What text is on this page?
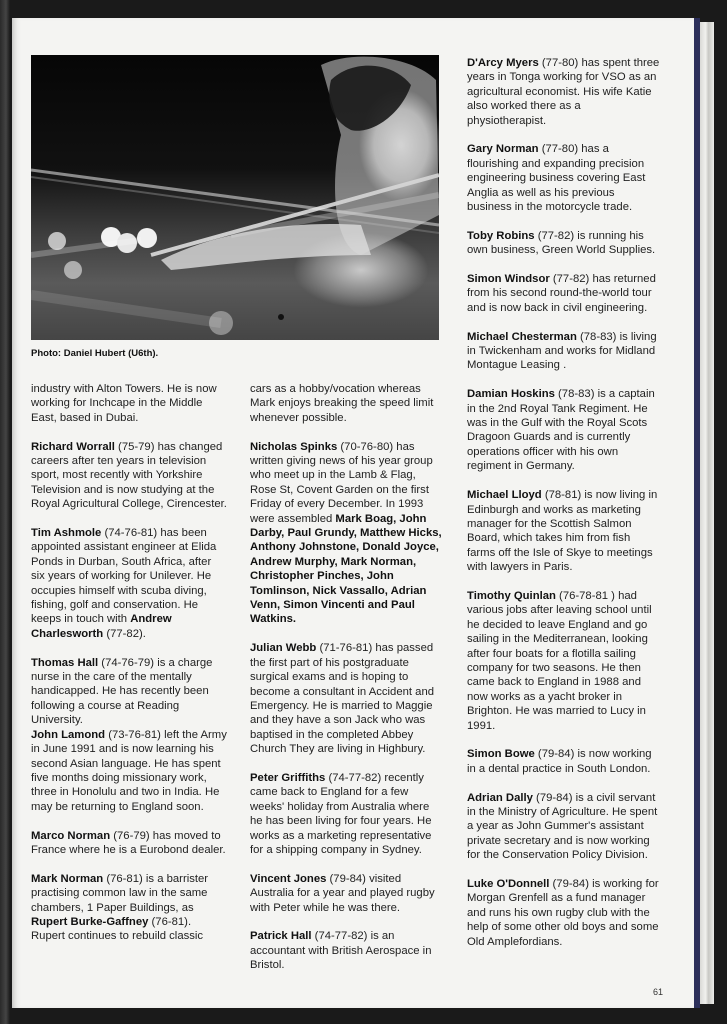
Photo: Daniel Hubert (U6th).

industry with Alton Towers. He is now working for Inchcape in the Middle East, based in Dubai.

Richard Worrall (75-79) has changed careers after ten years in television sport, most recently with Yorkshire Television and is now studying at the Royal Agricultural College, Cirencester.

Tim Ashmole (74-76-81) has been appointed assistant engineer at Elida Ponds in Durban, South Africa, after six years of working for Unilever. He occupies himself with scuba diving, fishing, golf and conservation. He keeps in touch with Andrew Charlesworth (77-82).

Thomas Hall (74-76-79) is a charge nurse in the care of the mentally handicapped. He has recently been following a course at Reading University.

John Lamond (73-76-81) left the Army in June 1991 and is now learning his second Asian language. He has spent five months doing missionary work, three in Honolulu and two in India. He may be returning to England soon.

Marco Norman (76-79) has moved to France where he is a Eurobond dealer.

Mark Norman (76-81) is a barrister practising common law in the same chambers, 1 Paper Buildings, as Rupert Burke-Gaffney (76-81). Rupert continues to rebuild classic

cars as a hobby/vocation whereas Mark enjoys breaking the speed limit whenever possible.

Nicholas Spinks (70-76-80) has written giving news of his year group who meet up in the Lamb & Flag, Rose St, Covent Garden on the first Friday of every December. In 1993 were assembled Mark Boag, John Darby, Paul Grundy, Matthew Hicks, Anthony Johnstone, Donald Joyce, Andrew Murphy, Mark Norman, Christopher Pinches, John Tomlinson, Nick Vassallo, Adrian Venn, Simon Vincenti and Paul Watkins.

Julian Webb (71-76-81) has passed the first part of his postgraduate surgical exams and is hoping to become a consultant in Accident and Emergency. He is married to Maggie and they have a son Jack who was baptised in the completed Abbey Church They are living in Highbury.

Peter Griffiths (74-77-82) recently came back to England for a few weeks' holiday from Australia where he has been living for four years. He works as a marketing representative for a shipping company in Sydney.

Vincent Jones (79-84) visited Australia for a year and played rugby with Peter while he was there.

Patrick Hall (74-77-82) is an accountant with British Aerospace in Bristol.

D'Arcy Myers (77-80) has spent three years in Tonga working for VSO as an agricultural economist. His wife Katie also worked there as a physiotherapist.

Gary Norman (77-80) has a flourishing and expanding precision engineering business covering East Anglia as well as his previous business in the motorcycle trade.

Toby Robins (77-82) is running his own business, Green World Supplies.

Simon Windsor (77-82) has returned from his second round-the-world tour and is now back in civil engineering.

Michael Chesterman (78-83) is living in Twickenham and works for Midland Montague Leasing .

Damian Hoskins (78-83) is a captain in the 2nd Royal Tank Regiment. He was in the Gulf with the Royal Scots Dragoon Guards and is currently operations officer with his own regiment in Germany.

Michael Lloyd (78-81) is now living in Edinburgh and works as marketing manager for the Scottish Salmon Board, which takes him from fish farms off the Isle of Skye to meetings with lawyers in Paris.

Timothy Quinlan (76-78-81 ) had various jobs after leaving school until he decided to leave England and go sailing in the Mediterranean, looking after four boats for a flotilla sailing company for two seasons. He then came back to England in 1988 and now works as a yacht broker in Brighton. He was married to Lucy in 1991.

Simon Bowe (79-84) is now working in a dental practice in South London.

Adrian Dally (79-84) is a civil servant in the Ministry of Agriculture. He spent a year as John Gummer's assistant private secretary and is now working for the Conservation Policy Division.

Luke O'Donnell (79-84) is working for Morgan Grenfell as a fund manager and runs his own rugby club with the help of some other old boys and some Old Amplefordians.

61
